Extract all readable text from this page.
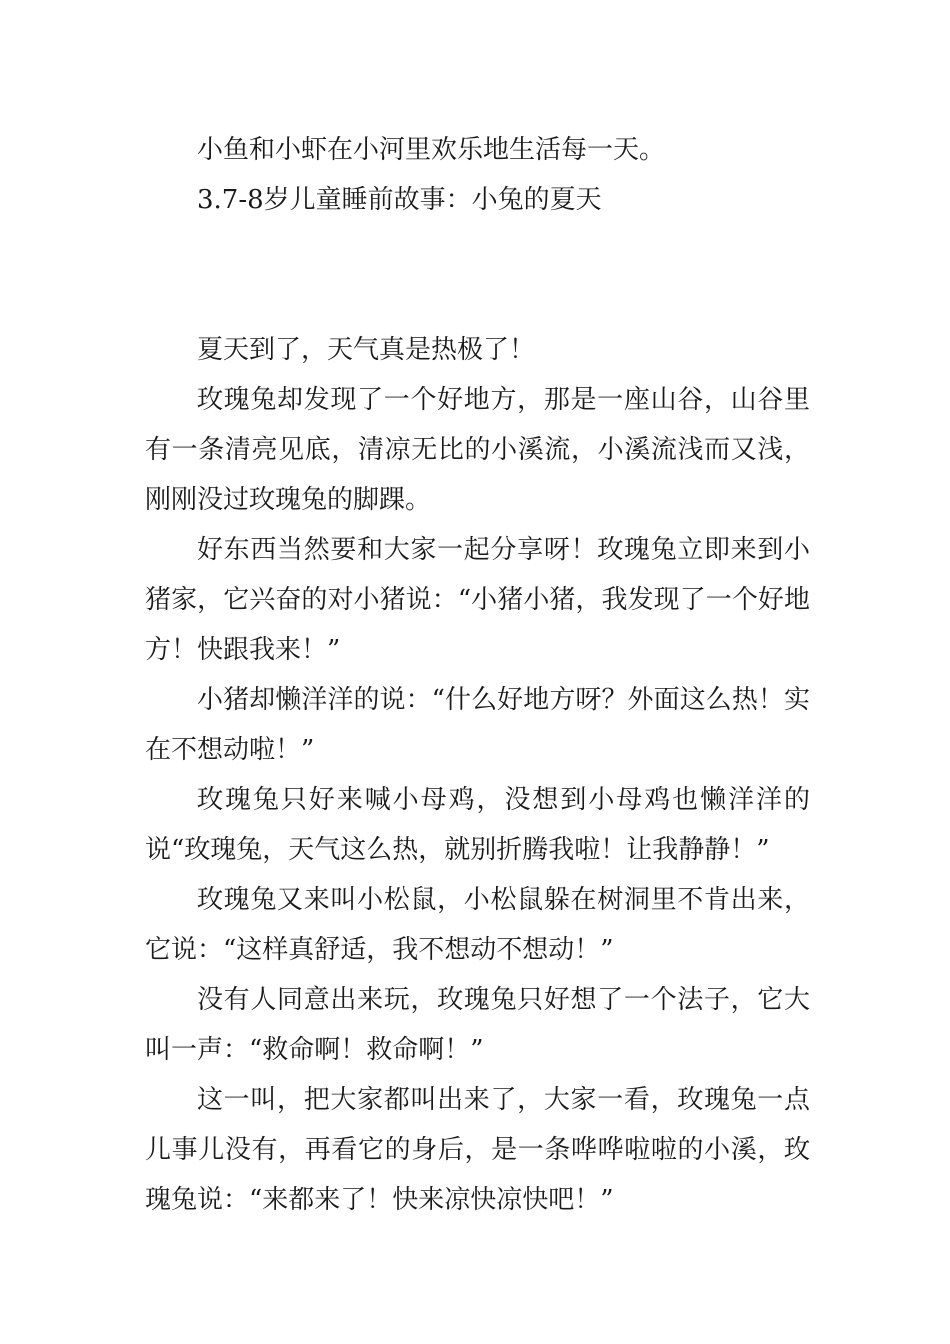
小鱼和小虾在小河里欢乐地生活每一天。

3.7-8岁儿童睡前故事：小兔的夏天

夏天到了，天气真是热极了！

玫瑰兔却发现了一个好地方，那是一座山谷，山谷里有一条清亮见底，清凉无比的小溪流，小溪流浅而又浅，刚刚没过玫瑰兔的脚踝。

好东西当然要和大家一起分享呀！玫瑰兔立即来到小猪家，它兴奋的对小猪说：“小猪小猪，我发现了一个好地方！快跟我来！”

小猪却懒洋洋的说：“什么好地方呀？外面这么热！实在不想动啦！”

玫瑰兔只好来喊小母鸡，没想到小母鸡也懒洋洋的说“玫瑰兔，天气这么热，就别折腾我啦！让我静静！”

玫瑰兔又来叫小松鼠，小松鼠躲在树洞里不肯出来，它说：“这样真舒适，我不想动不想动！”

没有人同意出来玩，玫瑰兔只好想了一个法子，它大叫一声：“救命啊！救命啊！”

这一叫，把大家都叫出来了，大家一看，玫瑰兔一点儿事儿没有，再看它的身后，是一条哗哗啦啦的小溪，玫瑰兔说：“来都来了！快来凉快凉快吧！”
